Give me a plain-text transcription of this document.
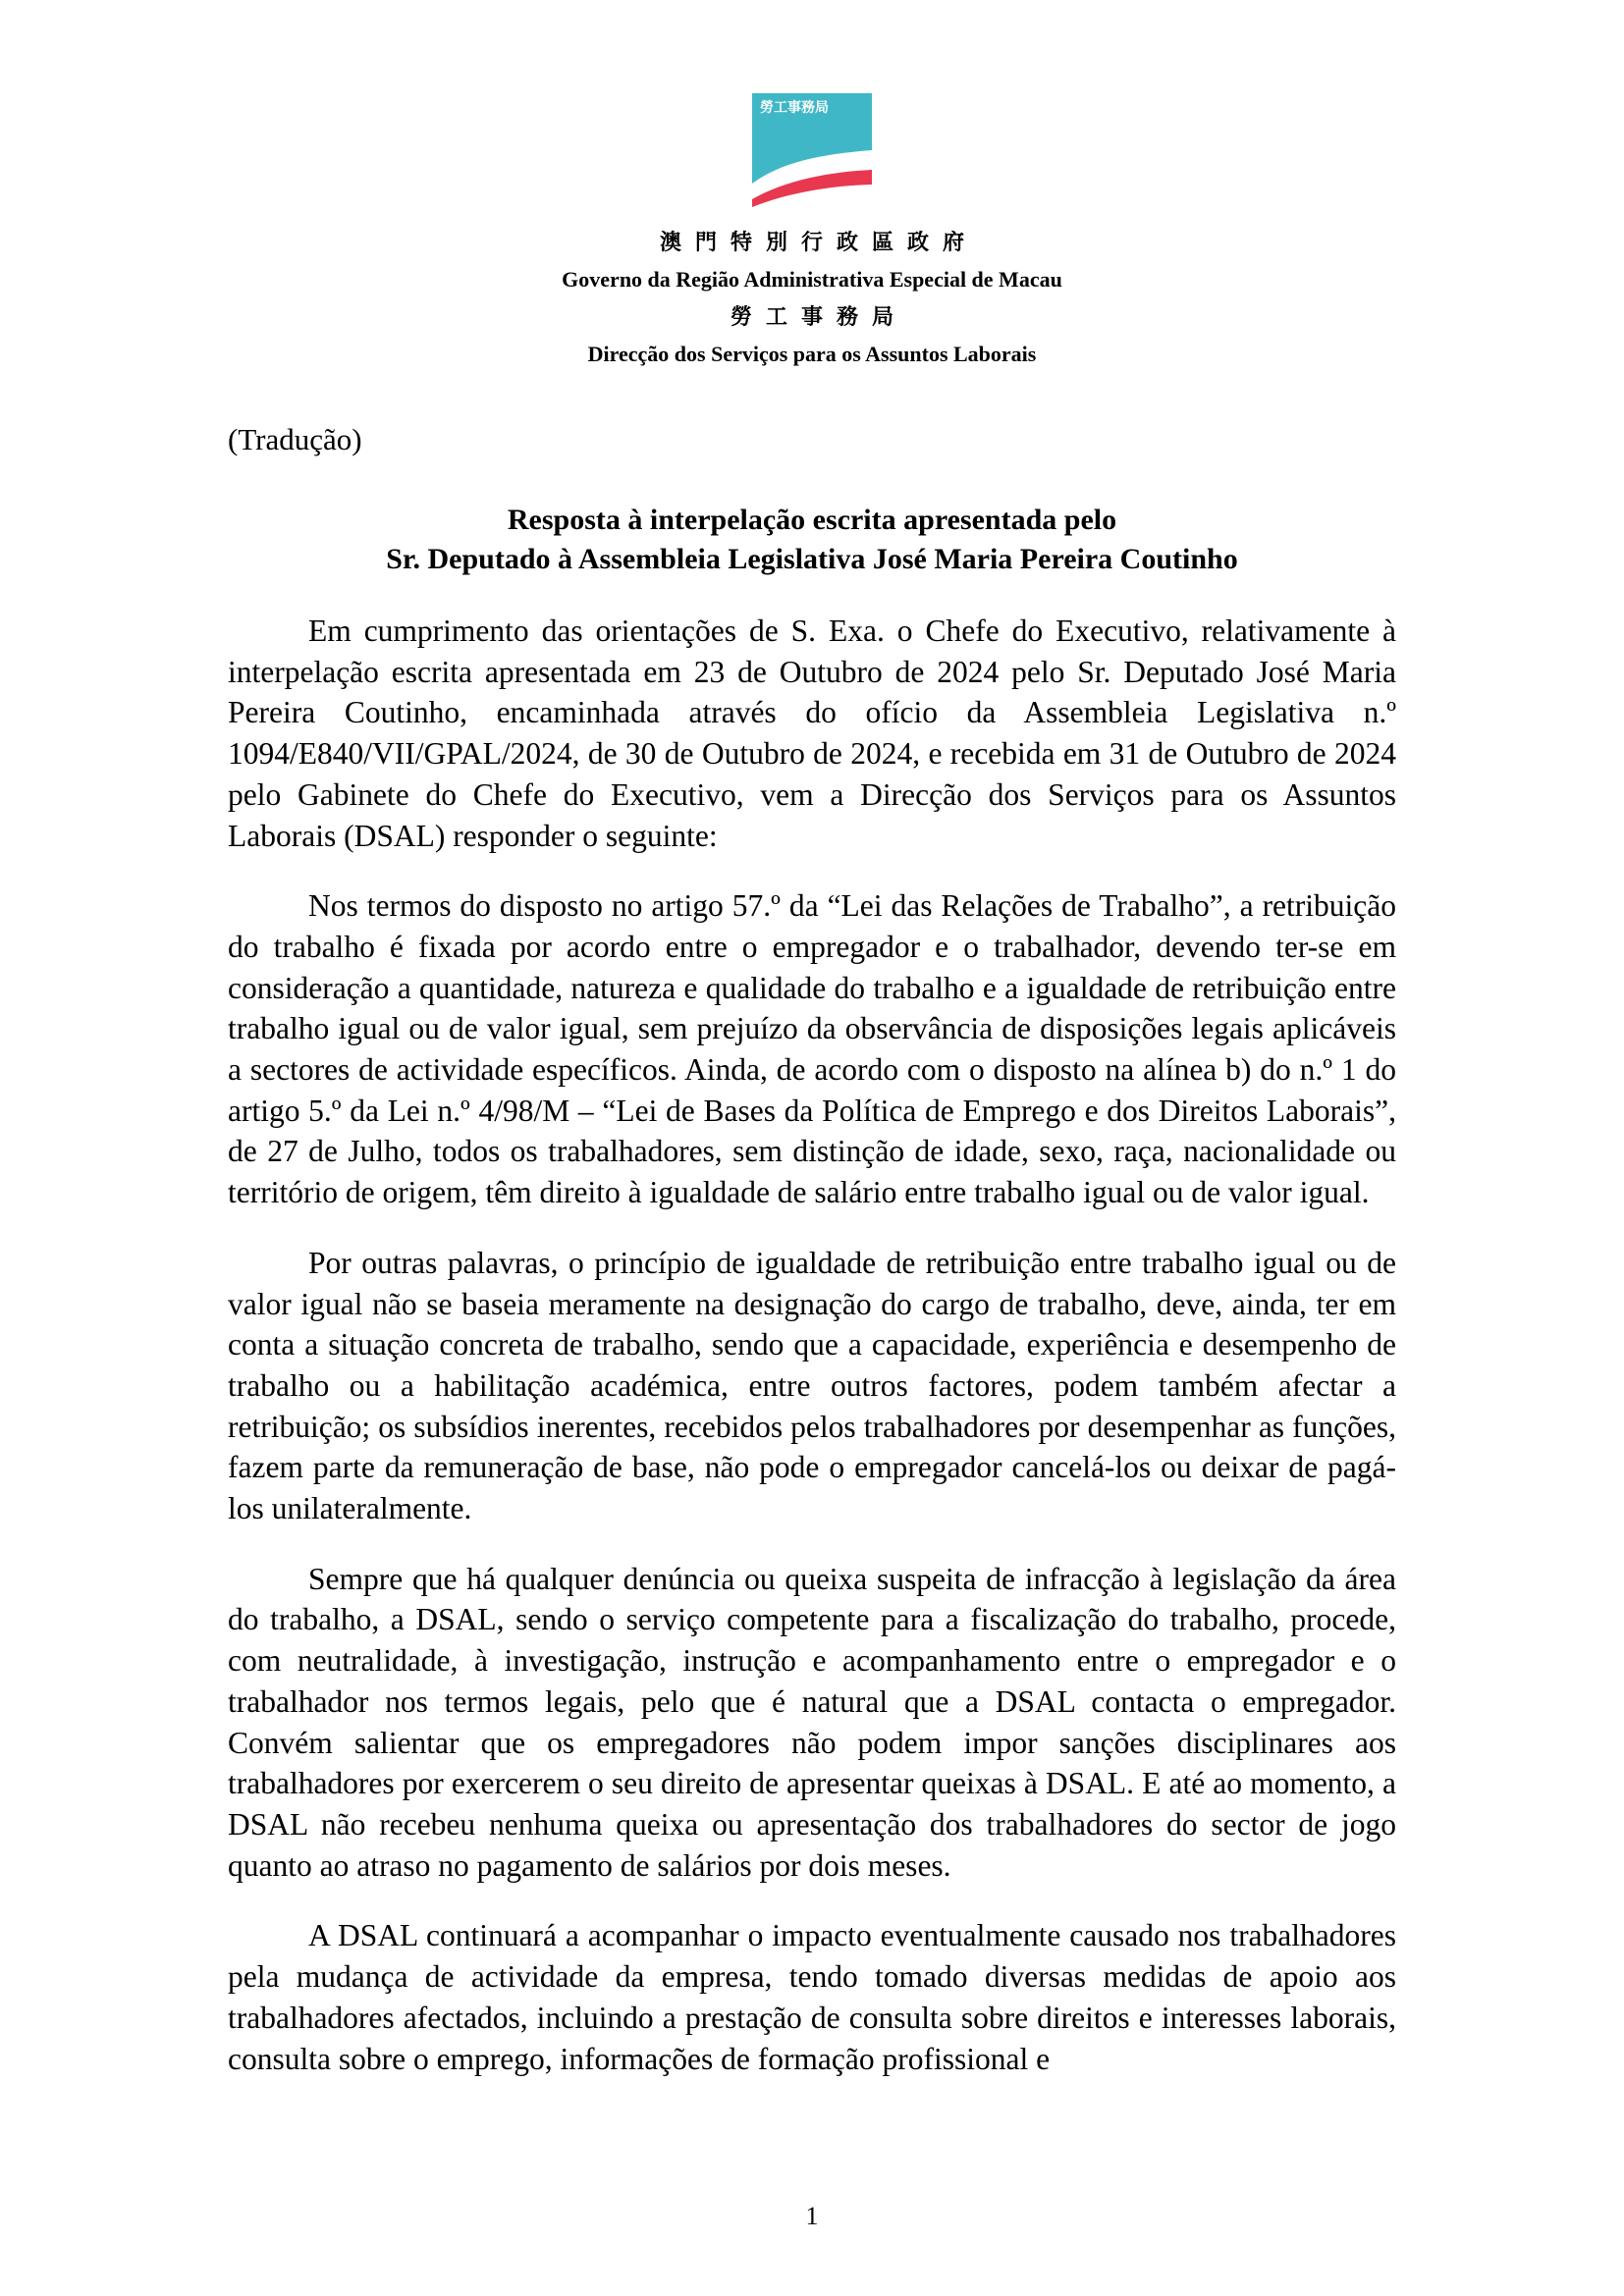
勞工事務局
DSAL
澳門特別行政區政府
Governo da Região Administrativa Especial de Macau
勞工事務局
Direcção dos Serviços para os Assuntos Laborais
(Tradução)
Resposta à interpelação escrita apresentada pelo
Sr. Deputado à Assembleia Legislativa José Maria Pereira Coutinho

Em cumprimento das orientações de S. Exa. o Chefe do Executivo, relativamente à interpelação escrita apresentada em 23 de Outubro de 2024 pelo Sr. Deputado José Maria Pereira Coutinho, encaminhada através do ofício da Assembleia Legislativa n.º 1094/E840/VII/GPAL/2024, de 30 de Outubro de 2024, e recebida em 31 de Outubro de 2024 pelo Gabinete do Chefe do Executivo, vem a Direcção dos Serviços para os Assuntos Laborais (DSAL) responder o seguinte:

Nos termos do disposto no artigo 57.º da “Lei das Relações de Trabalho”, a retribuição do trabalho é fixada por acordo entre o empregador e o trabalhador, devendo ter-se em consideração a quantidade, natureza e qualidade do trabalho e a igualdade de retribuição entre trabalho igual ou de valor igual, sem prejuízo da observância de disposições legais aplicáveis a sectores de actividade específicos. Ainda, de acordo com o disposto na alínea b) do n.º 1 do artigo 5.º da Lei n.º 4/98/M – “Lei de Bases da Política de Emprego e dos Direitos Laborais”, de 27 de Julho, todos os trabalhadores, sem distinção de idade, sexo, raça, nacionalidade ou território de origem, têm direito à igualdade de salário entre trabalho igual ou de valor igual.

Por outras palavras, o princípio de igualdade de retribuição entre trabalho igual ou de valor igual não se baseia meramente na designação do cargo de trabalho, deve, ainda, ter em conta a situação concreta de trabalho, sendo que a capacidade, experiência e desempenho de trabalho ou a habilitação académica, entre outros factores, podem também afectar a retribuição; os subsídios inerentes, recebidos pelos trabalhadores por desempenhar as funções, fazem parte da remuneração de base, não pode o empregador cancelá-los ou deixar de pagá-los unilateralmente.

Sempre que há qualquer denúncia ou queixa suspeita de infracção à legislação da área do trabalho, a DSAL, sendo o serviço competente para a fiscalização do trabalho, procede, com neutralidade, à investigação, instrução e acompanhamento entre o empregador e o trabalhador nos termos legais, pelo que é natural que a DSAL contacta o empregador. Convém salientar que os empregadores não podem impor sanções disciplinares aos trabalhadores por exercerem o seu direito de apresentar queixas à DSAL. E até ao momento, a DSAL não recebeu nenhuma queixa ou apresentação dos trabalhadores do sector de jogo quanto ao atraso no pagamento de salários por dois meses.

A DSAL continuará a acompanhar o impacto eventualmente causado nos trabalhadores pela mudança de actividade da empresa, tendo tomado diversas medidas de apoio aos trabalhadores afectados, incluindo a prestação de consulta sobre direitos e interesses laborais, consulta sobre o emprego, informações de formação profissional e

1
